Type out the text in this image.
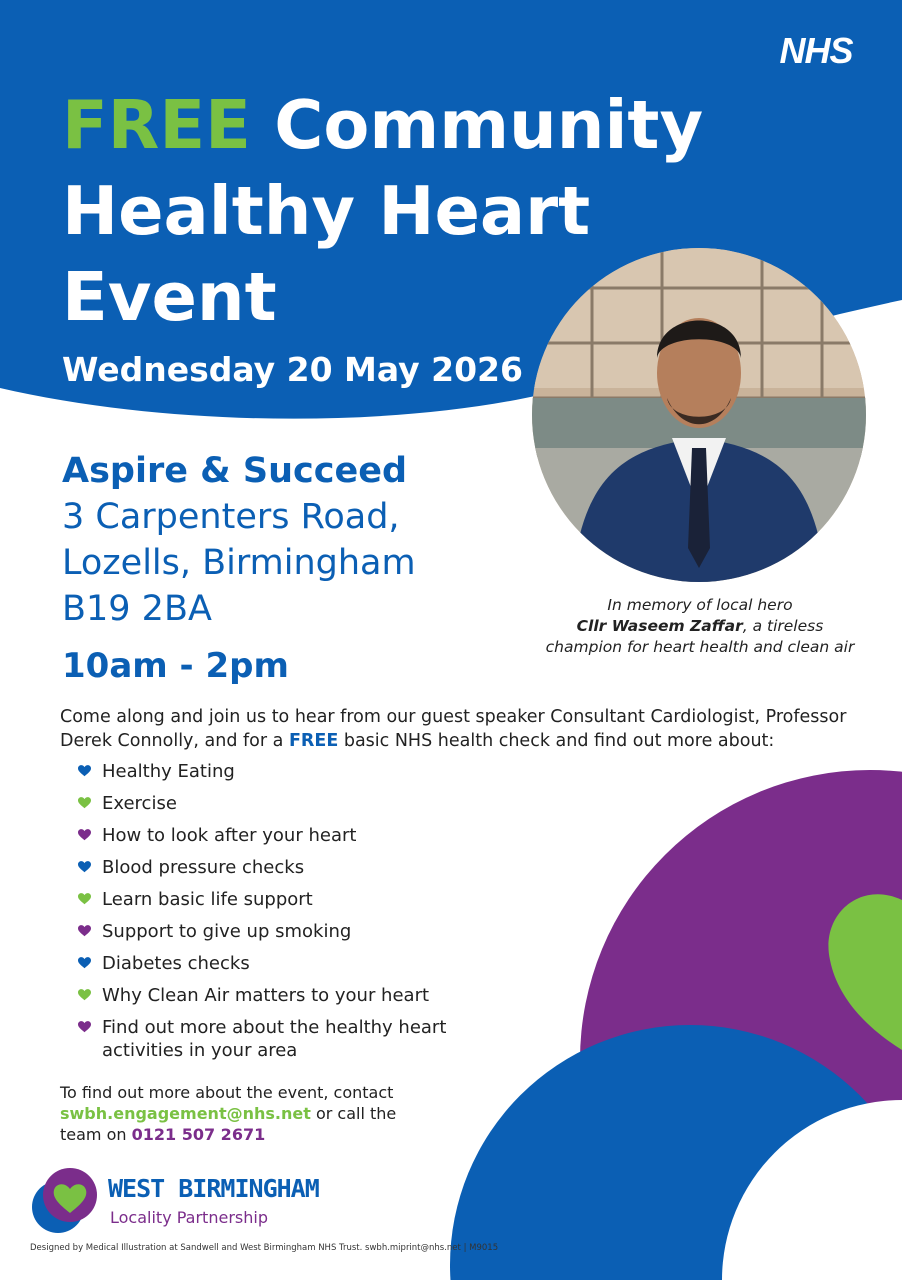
NHS
FREE Community
Healthy Heart
Event
Wednesday 20 May 2026
Aspire & Succeed
3 Carpenters Road,
Lozells, Birmingham
B19 2BA
10am - 2pm
In memory of local hero
Cllr Waseem Zaffar, a tireless
champion for heart health and clean air
Come along and join us to hear from our guest speaker Consultant Cardiologist, Professor Derek Connolly, and for a FREE basic NHS health check and find out more about:
Healthy Eating
Exercise
How to look after your heart
Blood pressure checks
Learn basic life support
Support to give up smoking
Diabetes checks
Why Clean Air matters to your heart
Find out more about the healthy heart activities in your area
To find out more about the event, contact swbh.engagement@nhs.net or call the team on 0121 507 2671
WEST BIRMINGHAM
Locality Partnership
Designed by Medical Illustration at Sandwell and West Birmingham NHS Trust. swbh.miprint@nhs.net | M9015
